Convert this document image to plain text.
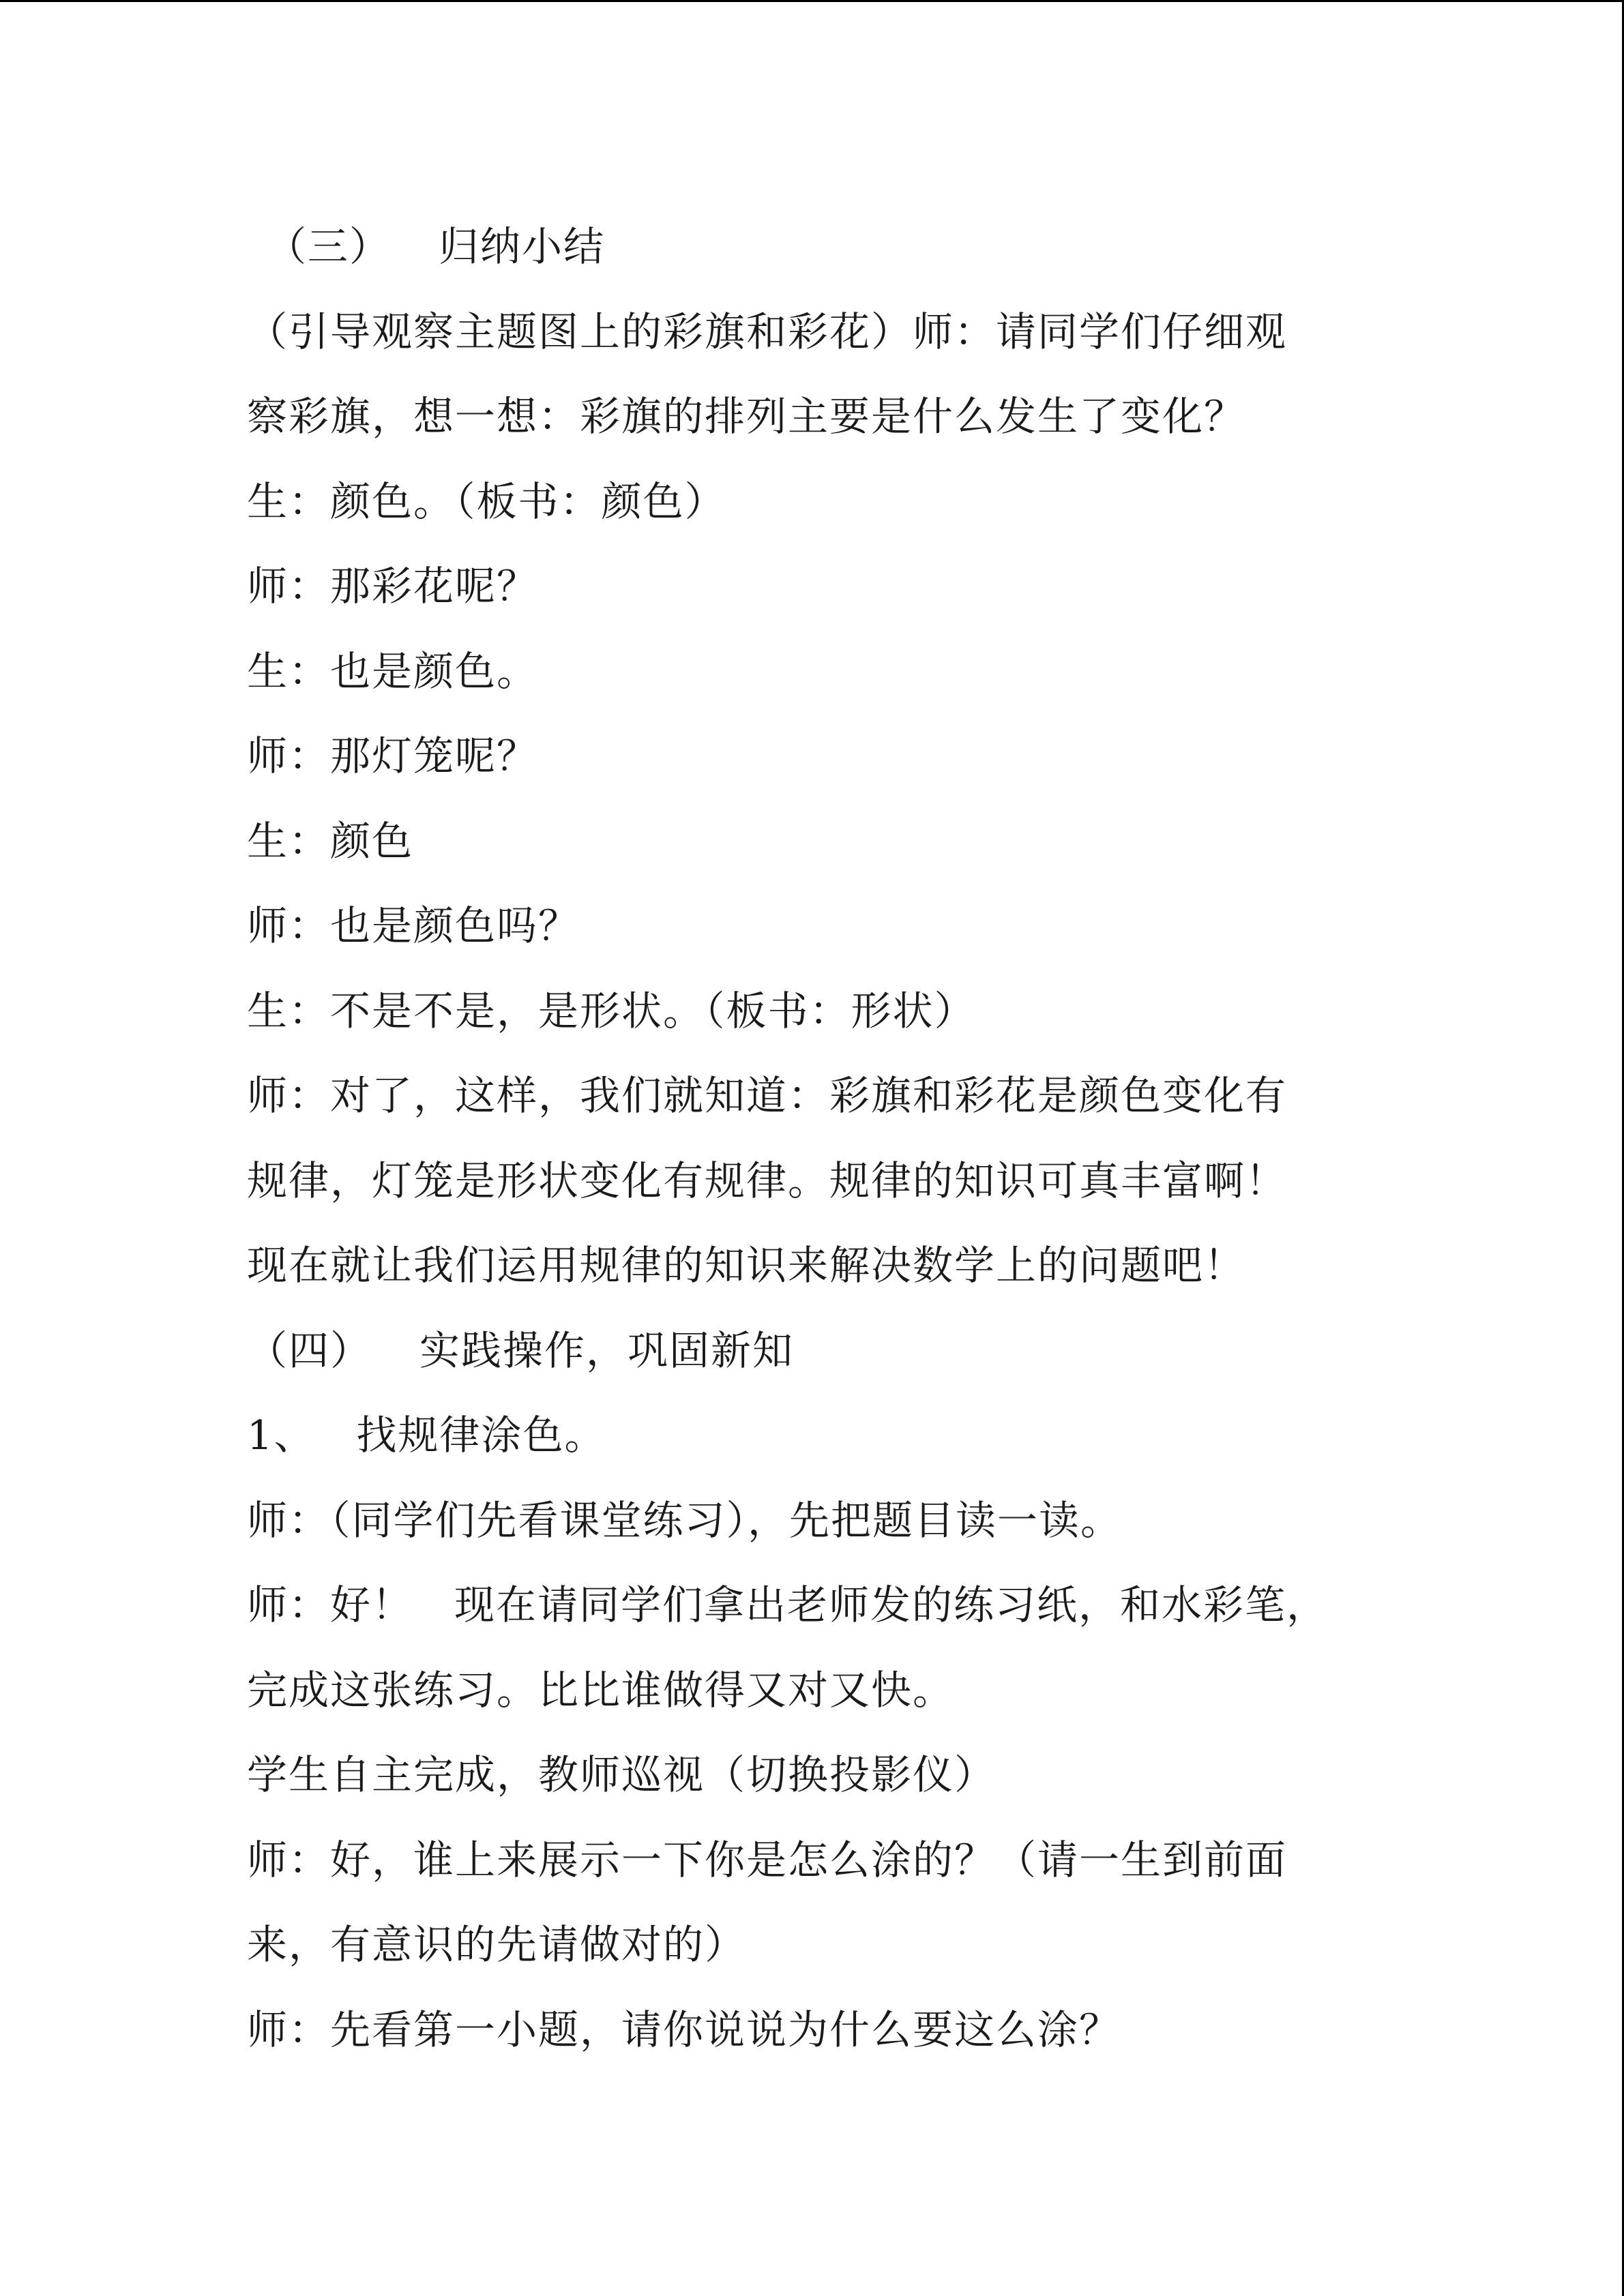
（三） 归纳小结
（引导观察主题图上的彩旗和彩花）师：请同学们仔细观
察彩旗，想一想：彩旗的排列主要是什么发生了变化？
生：颜色。（板书：颜色）
师：那彩花呢？
生：也是颜色。
师：那灯笼呢？
生：颜色
师：也是颜色吗？
生：不是不是，是形状。（板书：形状）
师：对了，这样，我们就知道：彩旗和彩花是颜色变化有
规律，灯笼是形状变化有规律。规律的知识可真丰富啊！
现在就让我们运用规律的知识来解决数学上的问题吧！
（四） 实践操作，巩固新知
1、 找规律涂色。
师：（同学们先看课堂练习），先把题目读一读。
师：好！ 现在请同学们拿出老师发的练习纸，和水彩笔，
完成这张练习。比比谁做得又对又快。
学生自主完成，教师巡视（切换投影仪）
师：好，谁上来展示一下你是怎么涂的？（请一生到前面
来，有意识的先请做对的）
师：先看第一小题，请你说说为什么要这么涂？
